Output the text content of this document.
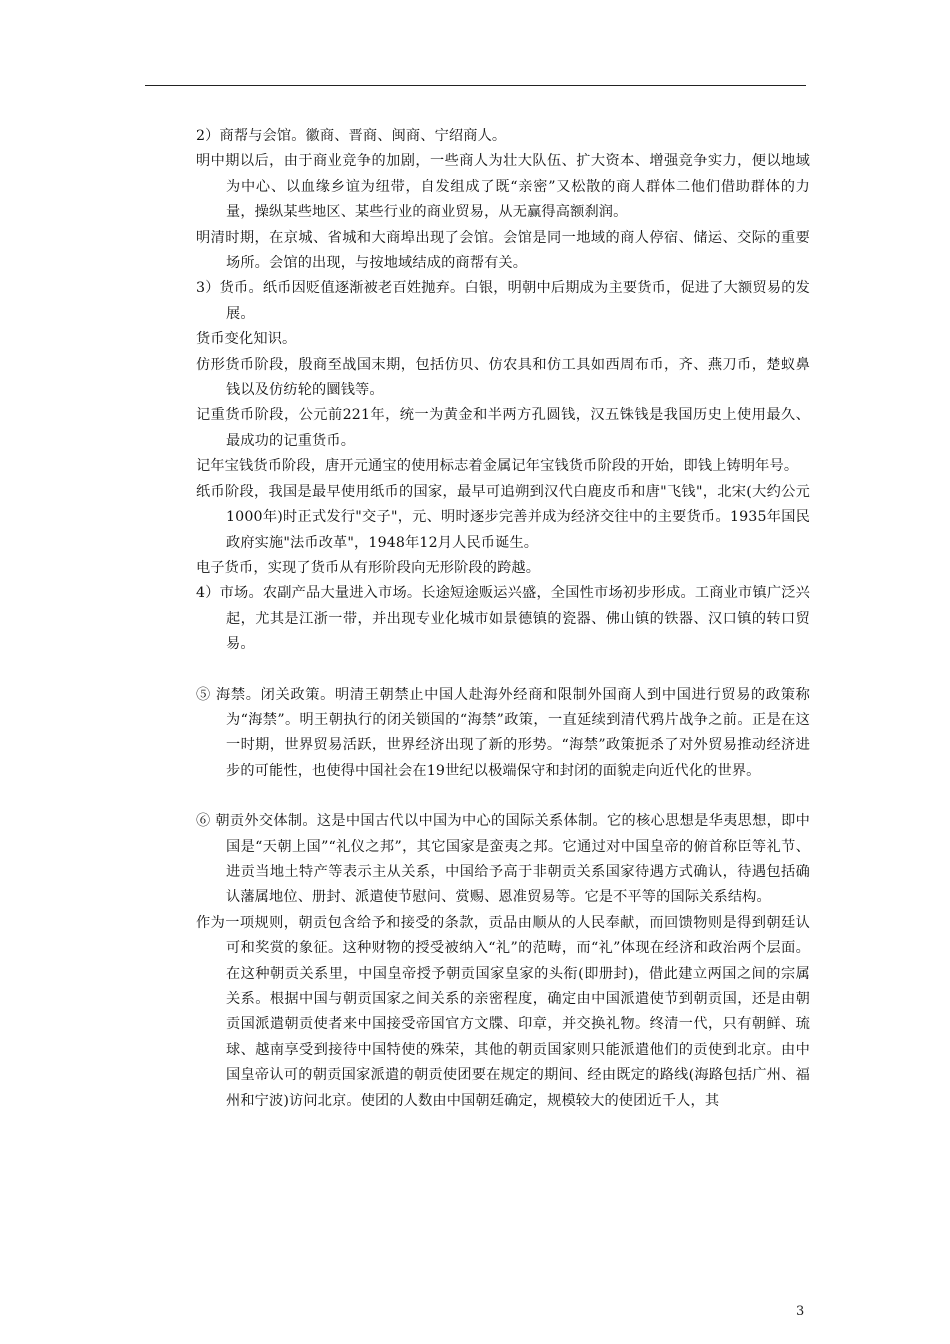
2）商帮与会馆。徽商、晋商、闽商、宁绍商人。

明中期以后，由于商业竞争的加剧，一些商人为壮大队伍、扩大资本、增强竞争实力，便以地域为中心、以血缘乡谊为纽带，自发组成了既“亲密”又松散的商人群体二他们借助群体的力量，操纵某些地区、某些行业的商业贸易，从无赢得高额刹润。

明清时期，在京城、省城和大商埠出现了会馆。会馆是同一地域的商人停宿、储运、交际的重要场所。会馆的出现，与按地域结成的商帮有关。

3）货币。纸币因贬值逐渐被老百姓抛弃。白银，明朝中后期成为主要货币，促进了大额贸易的发展。

货币变化知识。

仿形货币阶段，殷商至战国末期，包括仿贝、仿农具和仿工具如西周布币，齐、燕刀币，楚蚁鼻钱以及仿纺轮的圜钱等。

记重货币阶段，公元前221年，统一为黄金和半两方孔圆钱，汉五铢钱是我国历史上使用最久、最成功的记重货币。

记年宝钱货币阶段，唐开元通宝的使用标志着金属记年宝钱货币阶段的开始，即钱上铸明年号。

纸币阶段，我国是最早使用纸币的国家，最早可追朔到汉代白鹿皮币和唐"飞钱"，北宋(大约公元1000年)时正式发行"交子"，元、明时逐步完善并成为经济交往中的主要货币。1935年国民政府实施"法币改革"，1948年12月人民币诞生。

电子货币，实现了货币从有形阶段向无形阶段的跨越。

4）市场。农副产品大量进入市场。长途短途贩运兴盛，全国性市场初步形成。工商业市镇广泛兴起，尤其是江浙一带，并出现专业化城市如景德镇的瓷器、佛山镇的铁器、汉口镇的转口贸易。

⑤ 海禁。闭关政策。明清王朝禁止中国人赴海外经商和限制外国商人到中国进行贸易的政策称为“海禁”。明王朝执行的闭关锁国的“海禁”政策，一直延续到清代鸦片战争之前。正是在这一时期，世界贸易活跃，世界经济出现了新的形势。“海禁”政策扼杀了对外贸易推动经济进步的可能性，也使得中国社会在19世纪以极端保守和封闭的面貌走向近代化的世界。

⑥ 朝贡外交体制。这是中国古代以中国为中心的国际关系体制。它的核心思想是华夷思想，即中国是“天朝上国”“礼仪之邦”，其它国家是蛮夷之邦。它通过对中国皇帝的俯首称臣等礼节、进贡当地土特产等表示主从关系，中国给予高于非朝贡关系国家待遇方式确认，待遇包括确认藩属地位、册封、派遣使节慰问、赏赐、恩准贸易等。它是不平等的国际关系结构。

作为一项规则，朝贡包含给予和接受的条款，贡品由顺从的人民奉献，而回馈物则是得到朝廷认可和奖赏的象征。这种财物的授受被纳入“礼”的范畴，而“礼”体现在经济和政治两个层面。在这种朝贡关系里，中国皇帝授予朝贡国家皇家的头衔(即册封)，借此建立两国之间的宗属关系。根据中国与朝贡国家之间关系的亲密程度，确定由中国派遣使节到朝贡国，还是由朝贡国派遣朝贡使者来中国接受帝国官方文牒、印章，并交换礼物。终清一代，只有朝鲜、琉球、越南享受到接待中国特使的殊荣，其他的朝贡国家则只能派遣他们的贡使到北京。由中国皇帝认可的朝贡国家派遣的朝贡使团要在规定的期间、经由既定的路线(海路包括广州、福州和宁波)访问北京。使团的人数由中国朝廷确定，规模较大的使团近千人，其

3
